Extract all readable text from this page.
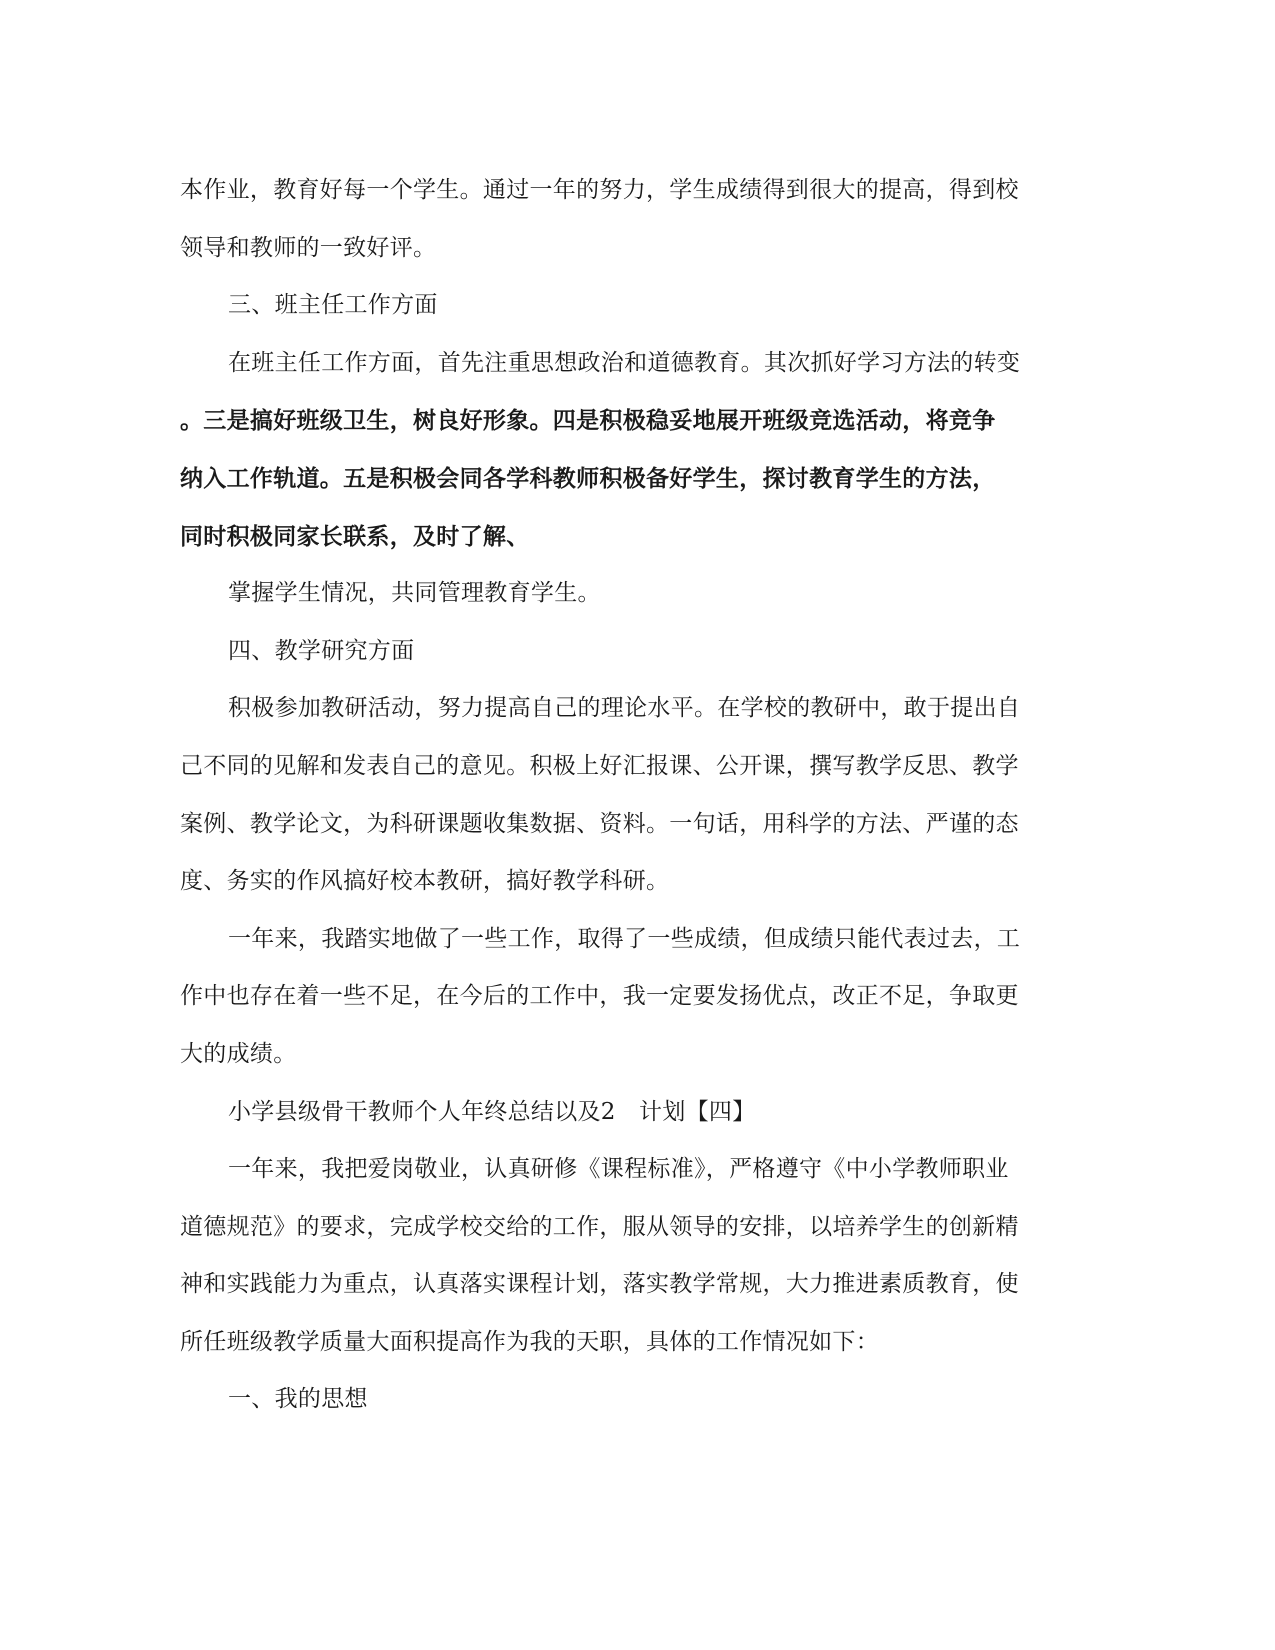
本作业，教育好每一个学生。通过一年的努力，学生成绩得到很大的提高，得到校
领导和教师的一致好评。
三、班主任工作方面
在班主任工作方面，首先注重思想政治和道德教育。其次抓好学习方法的转变
。三是搞好班级卫生，树良好形象。四是积极稳妥地展开班级竞选活动，将竞争
纳入工作轨道。五是积极会同各学科教师积极备好学生，探讨教育学生的方法，
同时积极同家长联系，及时了解、
掌握学生情况，共同管理教育学生。
四、教学研究方面
积极参加教研活动，努力提高自己的理论水平。在学校的教研中，敢于提出自
己不同的见解和发表自己的意见。积极上好汇报课、公开课，撰写教学反思、教学
案例、教学论文，为科研课题收集数据、资料。一句话，用科学的方法、严谨的态
度、务实的作风搞好校本教研，搞好教学科研。
一年来，我踏实地做了一些工作，取得了一些成绩，但成绩只能代表过去，工
作中也存在着一些不足，在今后的工作中，我一定要发扬优点，改正不足，争取更
大的成绩。
小学县级骨干教师个人年终总结以及2　计划【四】
一年来，我把爱岗敬业，认真研修《课程标准》，严格遵守《中小学教师职业
道德规范》的要求，完成学校交给的工作，服从领导的安排，以培养学生的创新精
神和实践能力为重点，认真落实课程计划，落实教学常规，大力推进素质教育，使
所任班级教学质量大面积提高作为我的天职，具体的工作情况如下：
一、我的思想
